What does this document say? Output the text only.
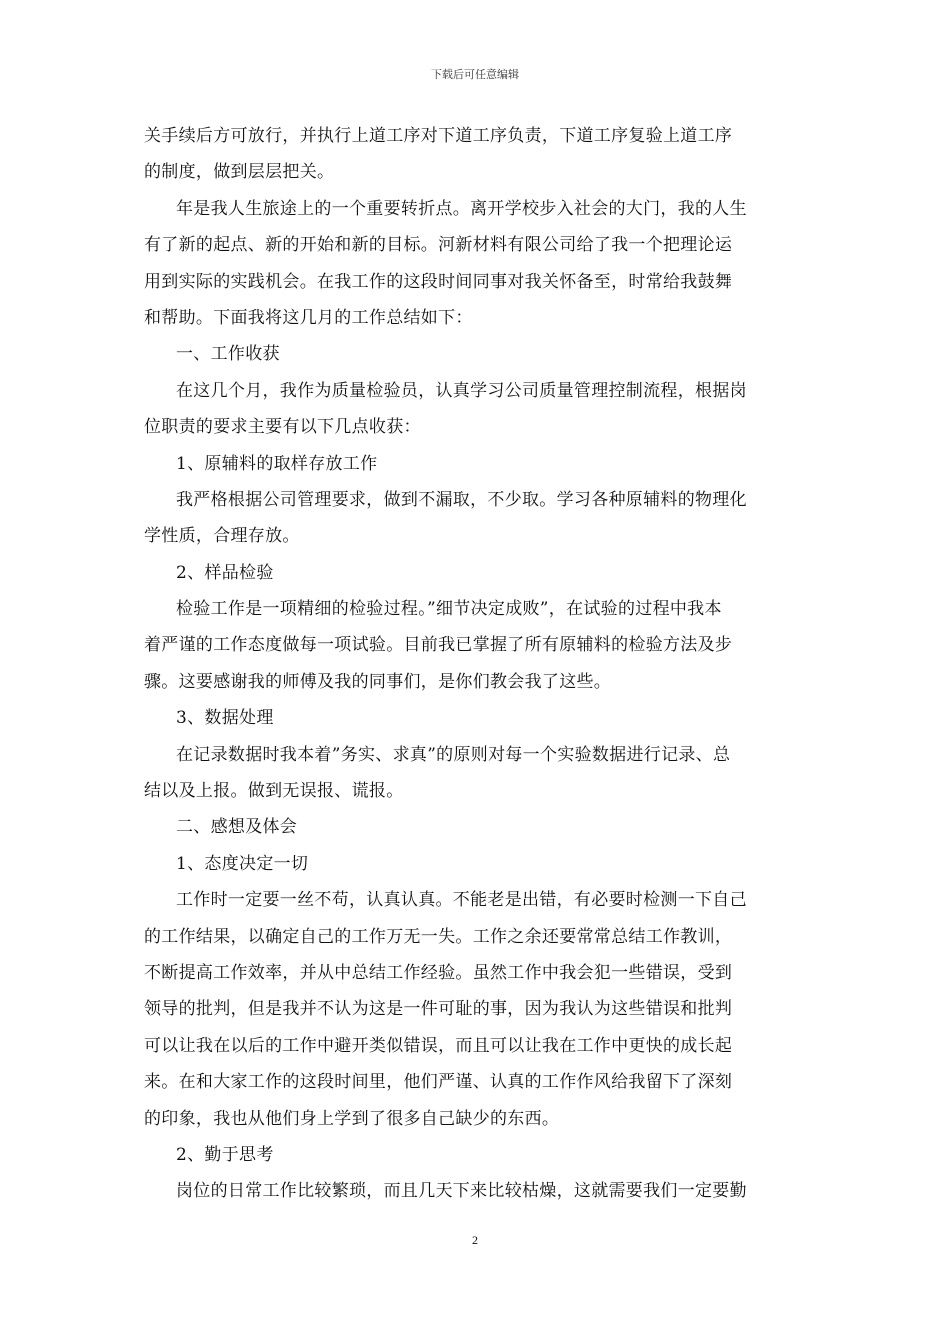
下载后可任意编辑
关手续后方可放行，并执行上道工序对下道工序负责，下道工序复验上道工序
的制度，做到层层把关。
年是我人生旅途上的一个重要转折点。离开学校步入社会的大门，我的人生
有了新的起点、新的开始和新的目标。河新材料有限公司给了我一个把理论运
用到实际的实践机会。在我工作的这段时间同事对我关怀备至，时常给我鼓舞
和帮助。下面我将这几月的工作总结如下：
一、工作收获
在这几个月，我作为质量检验员，认真学习公司质量管理控制流程，根据岗
位职责的要求主要有以下几点收获：
1、原辅料的取样存放工作
我严格根据公司管理要求，做到不漏取，不少取。学习各种原辅料的物理化
学性质，合理存放。
2、样品检验
检验工作是一项精细的检验过程。”细节决定成败”，在试验的过程中我本
着严谨的工作态度做每一项试验。目前我已掌握了所有原辅料的检验方法及步
骤。这要感谢我的师傅及我的同事们，是你们教会我了这些。
3、数据处理
在记录数据时我本着”务实、求真”的原则对每一个实验数据进行记录、总
结以及上报。做到无误报、谎报。
二、感想及体会
1、态度决定一切
工作时一定要一丝不苟，认真认真。不能老是出错，有必要时检测一下自己
的工作结果，以确定自己的工作万无一失。工作之余还要常常总结工作教训，
不断提高工作效率，并从中总结工作经验。虽然工作中我会犯一些错误，受到
领导的批判，但是我并不认为这是一件可耻的事，因为我认为这些错误和批判
可以让我在以后的工作中避开类似错误，而且可以让我在工作中更快的成长起
来。在和大家工作的这段时间里，他们严谨、认真的工作作风给我留下了深刻
的印象，我也从他们身上学到了很多自己缺少的东西。
2、勤于思考
岗位的日常工作比较繁琐，而且几天下来比较枯燥，这就需要我们一定要勤
2
